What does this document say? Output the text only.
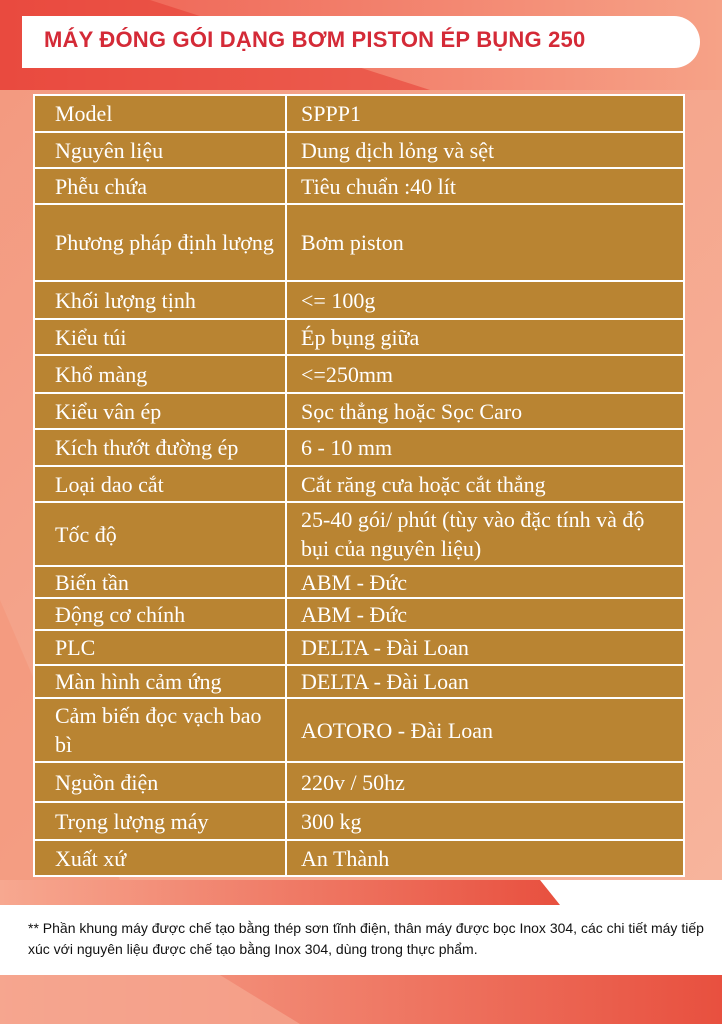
MÁY ĐÓNG GÓI DẠNG BƠM PISTON ÉP BỤNG 250
Model	SPPP1
Nguyên liệu	Dung dịch lỏng và sệt
Phễu chứa	Tiêu chuẩn :40 lít
Phương pháp định lượng	Bơm piston
Khối lượng tịnh	<= 100g
Kiểu túi	Ép bụng giữa
Khổ màng	<=250mm
Kiểu vân ép	Sọc thẳng hoặc Sọc Caro
Kích thướt đường ép	6 - 10 mm
Loại dao cắt	Cắt răng cưa hoặc cắt thẳng
Tốc độ	25-40 gói/ phút (tùy vào đặc tính và độ bụi của nguyên liệu)
Biến tần	ABM - Đức
Động cơ chính	ABM - Đức
PLC	DELTA - Đài Loan
Màn hình cảm ứng	DELTA - Đài Loan
Cảm biến đọc vạch bao bì	AOTORO - Đài Loan
Nguồn điện	220v / 50hz
Trọng lượng máy	300 kg
Xuất xứ	An Thành
** Phần khung máy được chế tạo bằng thép sơn tĩnh điện, thân máy được bọc Inox 304, các chi tiết máy tiếp xúc với nguyên liệu được chế tạo bằng Inox 304, dùng trong thực phẩm.
